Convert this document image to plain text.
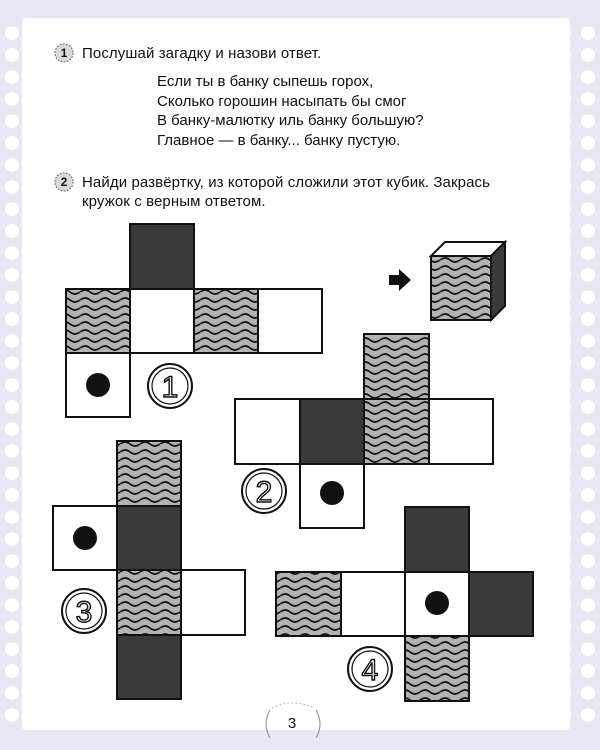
1 Послушай загадку и назови ответ.
Если ты в банку сыпешь горох,
Сколько горошин насыпать бы смог
В банку-малютку иль банку большую?
Главное — в банку... банку пустую.
2 Найди развёртку, из которой сложили этот кубик. Закрась
кружок с верным ответом.
1
2
3
4
3
